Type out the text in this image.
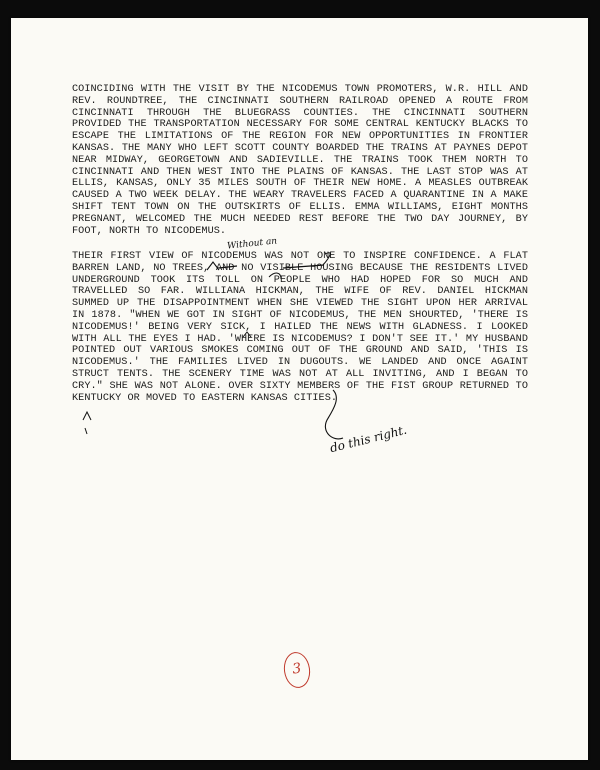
COINCIDING WITH THE VISIT BY THE NICODEMUS TOWN PROMOTERS, W.R. HILL AND REV. ROUNDTREE, THE CINCINNATI SOUTHERN RAILROAD OPENED A ROUTE FROM CINCINNATI THROUGH THE BLUEGRASS COUNTIES. THE CINCINNATI SOUTHERN PROVIDED THE TRANSPORTATION NECESSARY FOR SOME CENTRAL KENTUCKY BLACKS TO ESCAPE THE LIMITATIONS OF THE REGION FOR NEW OPPORTUNITIES IN FRONTIER KANSAS. THE MANY WHO LEFT SCOTT COUNTY BOARDED THE TRAINS AT PAYNES DEPOT NEAR MIDWAY, GEORGETOWN AND SADIEVILLE. THE TRAINS TOOK THEM NORTH TO CINCINNATI AND THEN WEST INTO THE PLAINS OF KANSAS. THE LAST STOP WAS AT ELLIS, KANSAS, ONLY 35 MILES SOUTH OF THEIR NEW HOME. A MEASLES OUTBREAK CAUSED A TWO WEEK DELAY. THE WEARY TRAVELERS FACED A QUARANTINE IN A MAKE SHIFT TENT TOWN ON THE OUTSKIRTS OF ELLIS. EMMA WILLIAMS, EIGHT MONTHS PREGNANT, WELCOMED THE MUCH NEEDED REST BEFORE THE TWO DAY JOURNEY, BY FOOT, NORTH TO NICODEMUS.
THEIR FIRST VIEW OF NICODEMUS WAS NOT ONE TO INSPIRE CONFIDENCE. A FLAT BARREN LAND, NO TREES, AND NO VISIBLE HOUSING BECAUSE THE RESIDENTS LIVED UNDERGROUND TOOK ITS TOLL ON PEOPLE WHO HAD HOPED FOR SO MUCH AND TRAVELLED SO FAR. WILLIANA HICKMAN, THE WIFE OF REV. DANIEL HICKMAN SUMMED UP THE DISAPPOINTMENT WHEN SHE VIEWED THE SIGHT UPON HER ARRIVAL IN 1878. "WHEN WE GOT IN SIGHT OF NICODEMUS, THE MEN SHOURTED, 'THERE IS NICODEMUS!' BEING VERY SICK, I HAILED THE NEWS WITH GLADNESS. I LOOKED WITH ALL THE EYES I HAD. 'WHERE IS NICODEMUS? I DON'T SEE IT.' MY HUSBAND POINTED OUT VARIOUS SMOKES COMING OUT OF THE GROUND AND SAID, 'THIS IS NICODEMUS.' THE FAMILIES LIVED IN DUGOUTS. WE LANDED AND ONCE AGAINT STRUCT TENTS. THE SCENERY TIME WAS NOT AT ALL INVITING, AND I BEGAN TO CRY." SHE WAS NOT ALONE. OVER SIXTY MEMBERS OF THE FIST GROUP RETURNED TO KENTUCKY OR MOVED TO EASTERN KANSAS CITIES.
Without an
do this right.
3
